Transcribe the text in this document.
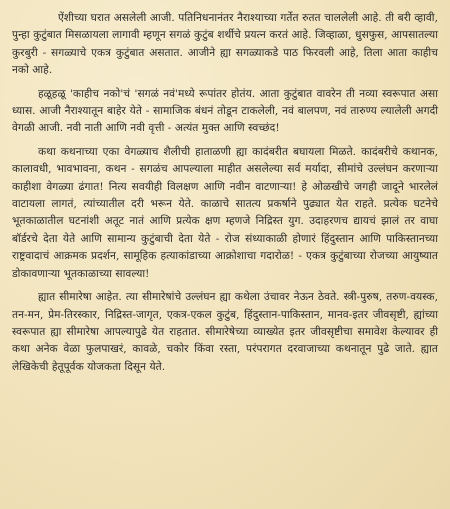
ऐंशीच्या घरात असलेली आजी. पतिनिधनानंतर नैराश्याच्या गर्तेत रुतत चाललेली आहे. ती बरी व्हावी, पुन्हा कुटुंबात मिसळायला लागावी म्हणून सगळं कुटुंब शर्थीचे प्रयत्न करतं आहे. जिव्हाळा, धुसफुस, आपसातल्या कुरबुरी - सगळ्याचे एकत्र कुटुंबात असतात. आजीने ह्या सगळ्याकडे पाठ फिरवली आहे, तिला आता काहीच नको आहे.

हळूहळू 'काहीच नको'चं 'सगळं नवं'मध्ये रूपांतर होतंय. आता कुटुंबात वावरेन ती नव्या स्वरूपात असा ध्यास. आजी नैराश्यातून बाहेर येते - सामाजिक बंधनं तोडून टाकलेली, नवं बालपण, नवं तारुण्य ल्यालेली अगदी वेगळी आजी. नवी नाती आणि नवी वृत्ती - अत्यंत मुक्त आणि स्वच्छंद!

कथा कथनाच्या एका वेगळ्याच शैलीची हाताळणी ह्या कादंबरीत बघायला मिळते. कादंबरीचे कथानक, कालावधी, भावभावना, कथन - सगळंच आपल्याला माहीत असलेल्या सर्व मर्यादा, सीमांचे उल्लंघन करणाऱ्या काहीशा वेगळ्या ढंगात! नित्य सवयीही विलक्षण आणि नवीन वाटणाऱ्या! हे ओळखीचे जगही जादूने भारलेलं वाटायला लागतं, त्यांच्यातील दरी भरून येते. काळाचे सातत्य प्रकर्षाने पुढ्यात येत राहते. प्रत्येक घटनेचे भूतकाळातील घटनांशी अतूट नातं आणि प्रत्येक क्षण म्हणजे निद्रिस्त युग. उदाहरणच द्यायचं झालं तर वाघा बॉर्डरचे देता येते आणि सामान्य कुटुंबाची देता येते - रोज संध्याकाळी होणारं हिंदुस्तान आणि पाकिस्तानच्या राष्ट्रवादाचं आक्रमक प्रदर्शन, सामूहिक हत्याकांडाच्या आक्रोशाचा गदारोळ! - एकत्र कुटुंबाच्या रोजच्या आयुष्यात डोकावणाऱ्या भूतकाळाच्या सावल्या!

ह्यात सीमारेषा आहेत. त्या सीमारेषांचे उल्लंघन ह्या कथेला उंचावर नेऊन ठेवते. स्त्री-पुरुष, तरुण-वयस्क, तन-मन, प्रेम-तिरस्कार, निद्रिस्त-जागृत, एकत्र-एकल कुटुंब, हिंदुस्तान-पाकिस्तान, मानव-इतर जीवसृष्टी, ह्यांच्या स्वरूपात ह्या सीमारेषा आपल्यापुढे येत राहतात. सीमारेषेच्या व्याख्येत इतर जीवसृष्टीचा समावेश केल्यावर ही कथा अनेक वेळा फुलपाखरं, कावळे, चकोर किंवा रस्ता, परंपरागत दरवाजाच्या कथनातून पुढे जाते. ह्यात लेखिकेची हेतूपूर्वक योजकता दिसून येते.
